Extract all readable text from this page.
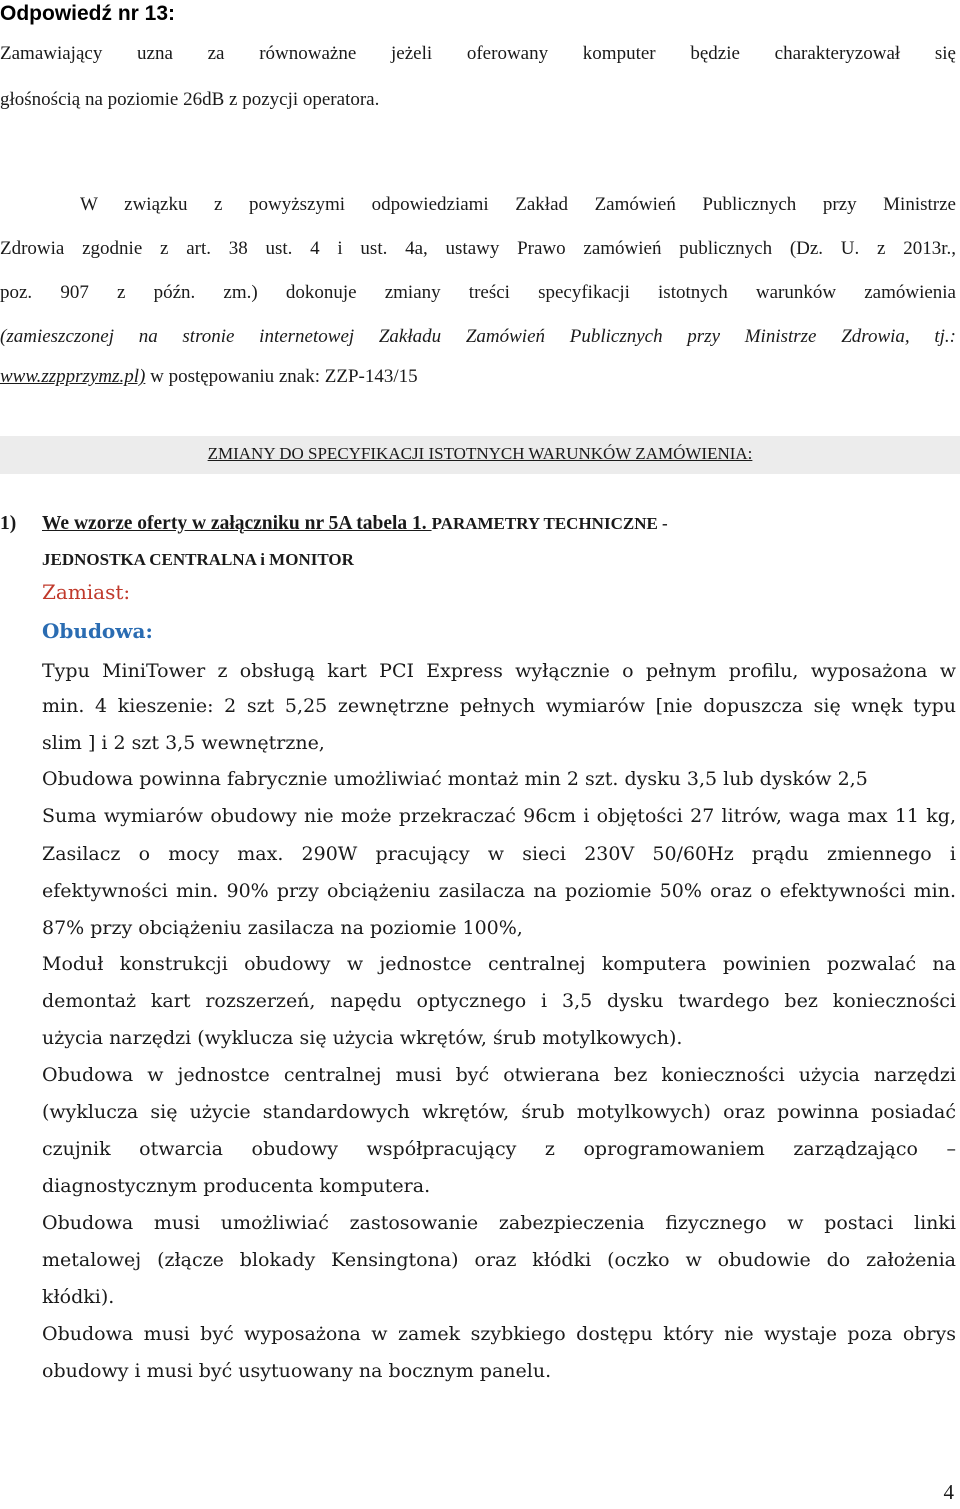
Odpowiedź nr 13:
Zamawiający uzna za równoważne jeżeli oferowany komputer będzie charakteryzował się
głośnością na poziomie 26dB z pozycji operatora.
W związku z powyższymi odpowiedziami Zakład Zamówień Publicznych przy Ministrze
Zdrowia zgodnie z art. 38 ust. 4 i ust. 4a, ustawy Prawo zamówień publicznych (Dz. U. z 2013r.,
poz. 907 z późn. zm.) dokonuje zmiany treści specyfikacji istotnych warunków zamówienia
(zamieszczonej na stronie internetowej Zakładu Zamówień Publicznych przy Ministrze Zdrowia, tj.:
www.zzpprzymz.pl) w postępowaniu znak: ZZP-143/15
ZMIANY DO SPECYFIKACJI ISTOTNYCH WARUNKÓW ZAMÓWIENIA:
1) We wzorze oferty w załączniku nr 5A tabela 1. PARAMETRY TECHNICZNE -
JEDNOSTKA CENTRALNA i MONITOR
Zamiast:
Obudowa:
Typu MiniTower z obsługą kart PCI Express wyłącznie o pełnym profilu, wyposażona w
min. 4 kieszenie: 2 szt 5,25 zewnętrzne pełnych wymiarów [nie dopuszcza się wnęk typu
slim ] i 2 szt 3,5 wewnętrzne,
Obudowa powinna fabrycznie umożliwiać montaż min 2 szt. dysku 3,5 lub dysków 2,5
Suma wymiarów obudowy nie może przekraczać 96cm i objętości 27 litrów, waga max 11 kg,
Zasilacz o mocy max. 290W pracujący w sieci 230V 50/60Hz prądu zmiennego i
efektywności min. 90% przy obciążeniu zasilacza na poziomie 50% oraz o efektywności min.
87% przy obciążeniu zasilacza na poziomie 100%,
Moduł konstrukcji obudowy w jednostce centralnej komputera powinien pozwalać na
demontaż kart rozszerzeń, napędu optycznego i 3,5 dysku twardego bez konieczności
użycia narzędzi (wyklucza się użycia wkrętów, śrub motylkowych).
Obudowa w jednostce centralnej musi być otwierana bez konieczności użycia narzędzi
(wyklucza się użycie standardowych wkrętów, śrub motylkowych) oraz powinna posiadać
czujnik otwarcia obudowy współpracujący z oprogramowaniem zarządzająco –
diagnostycznym producenta komputera.
Obudowa musi umożliwiać zastosowanie zabezpieczenia fizycznego w postaci linki
metalowej (złącze blokady Kensingtona) oraz kłódki (oczko w obudowie do założenia
kłódki).
Obudowa musi być wyposażona w zamek szybkiego dostępu który nie wystaje poza obrys
obudowy i musi być usytuowany na bocznym panelu.
4
